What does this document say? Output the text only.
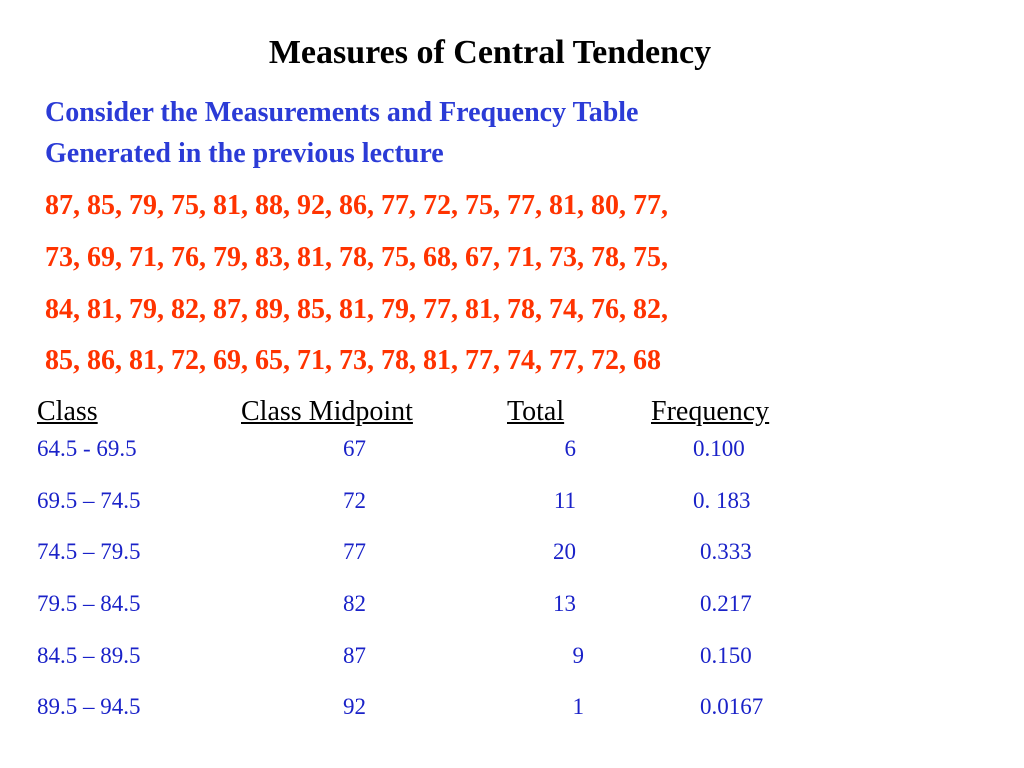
Measures of Central Tendency
Consider the Measurements and Frequency Table
Generated in the previous lecture
87, 85, 79, 75, 81, 88, 92, 86, 77, 72, 75, 77, 81, 80, 77,
73, 69, 71, 76, 79, 83, 81, 78, 75, 68, 67, 71, 73, 78, 75,
84, 81, 79, 82, 87, 89, 85, 81, 79, 77, 81, 78, 74, 76, 82,
85, 86, 81, 72, 69, 65, 71, 73, 78, 81, 77, 74, 77, 72, 68
Class	Class Midpoint	Total	Frequency
64.5 - 69.5	67	6	0.100
69.5 – 74.5	72	11	0. 183
74.5 – 79.5	77	20	0.333
79.5 – 84.5	82	13	0.217
84.5 – 89.5	87	9	0.150
89.5 – 94.5	92	1	0.0167
